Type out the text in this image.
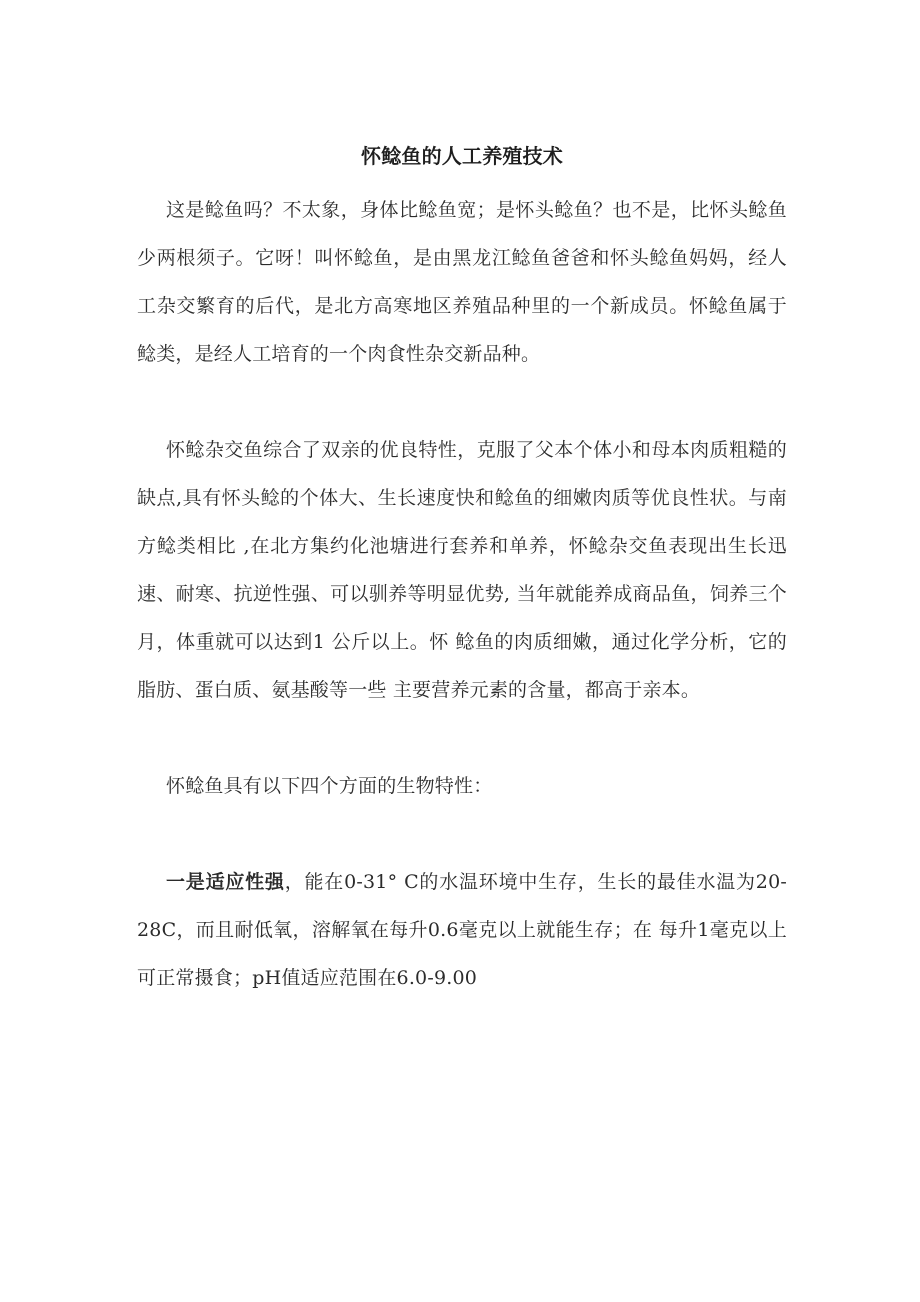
怀鲶鱼的人工养殖技术

这是鲶鱼吗？不太象，身体比鲶鱼宽；是怀头鲶鱼？也不是，比怀头鲶鱼少两根须子。它呀！叫怀鲶鱼，是由黑龙江鲶鱼爸爸和怀头鲶鱼妈妈，经人工杂交繁育的后代，是北方高寒地区养殖品种里的一个新成员。怀鲶鱼属于鲶类，是经人工培育的一个肉食性杂交新品种。

怀鲶杂交鱼综合了双亲的优良特性，克服了父本个体小和母本肉质粗糙的缺点,具有怀头鲶的个体大、生长速度快和鲶鱼的细嫩肉质等优良性状。与南方鲶类相比 ,在北方集约化池塘进行套养和单养，怀鲶杂交鱼表现出生长迅速、耐寒、抗逆性强、可以驯养等明显优势, 当年就能养成商品鱼，饲养三个月，体重就可以达到1 公斤以上。怀 鲶鱼的肉质细嫩，通过化学分析，它的脂肪、蛋白质、氨基酸等一些 主要营养元素的含量，都高于亲本。

怀鲶鱼具有以下四个方面的生物特性：

一是适应性强，能在0-31° C的水温环境中生存，生长的最佳水温为20-28C，而且耐低氧，溶解氧在每升0.6毫克以上就能生存；在 每升1毫克以上可正常摄食；pH值适应范围在6.0-9.00
